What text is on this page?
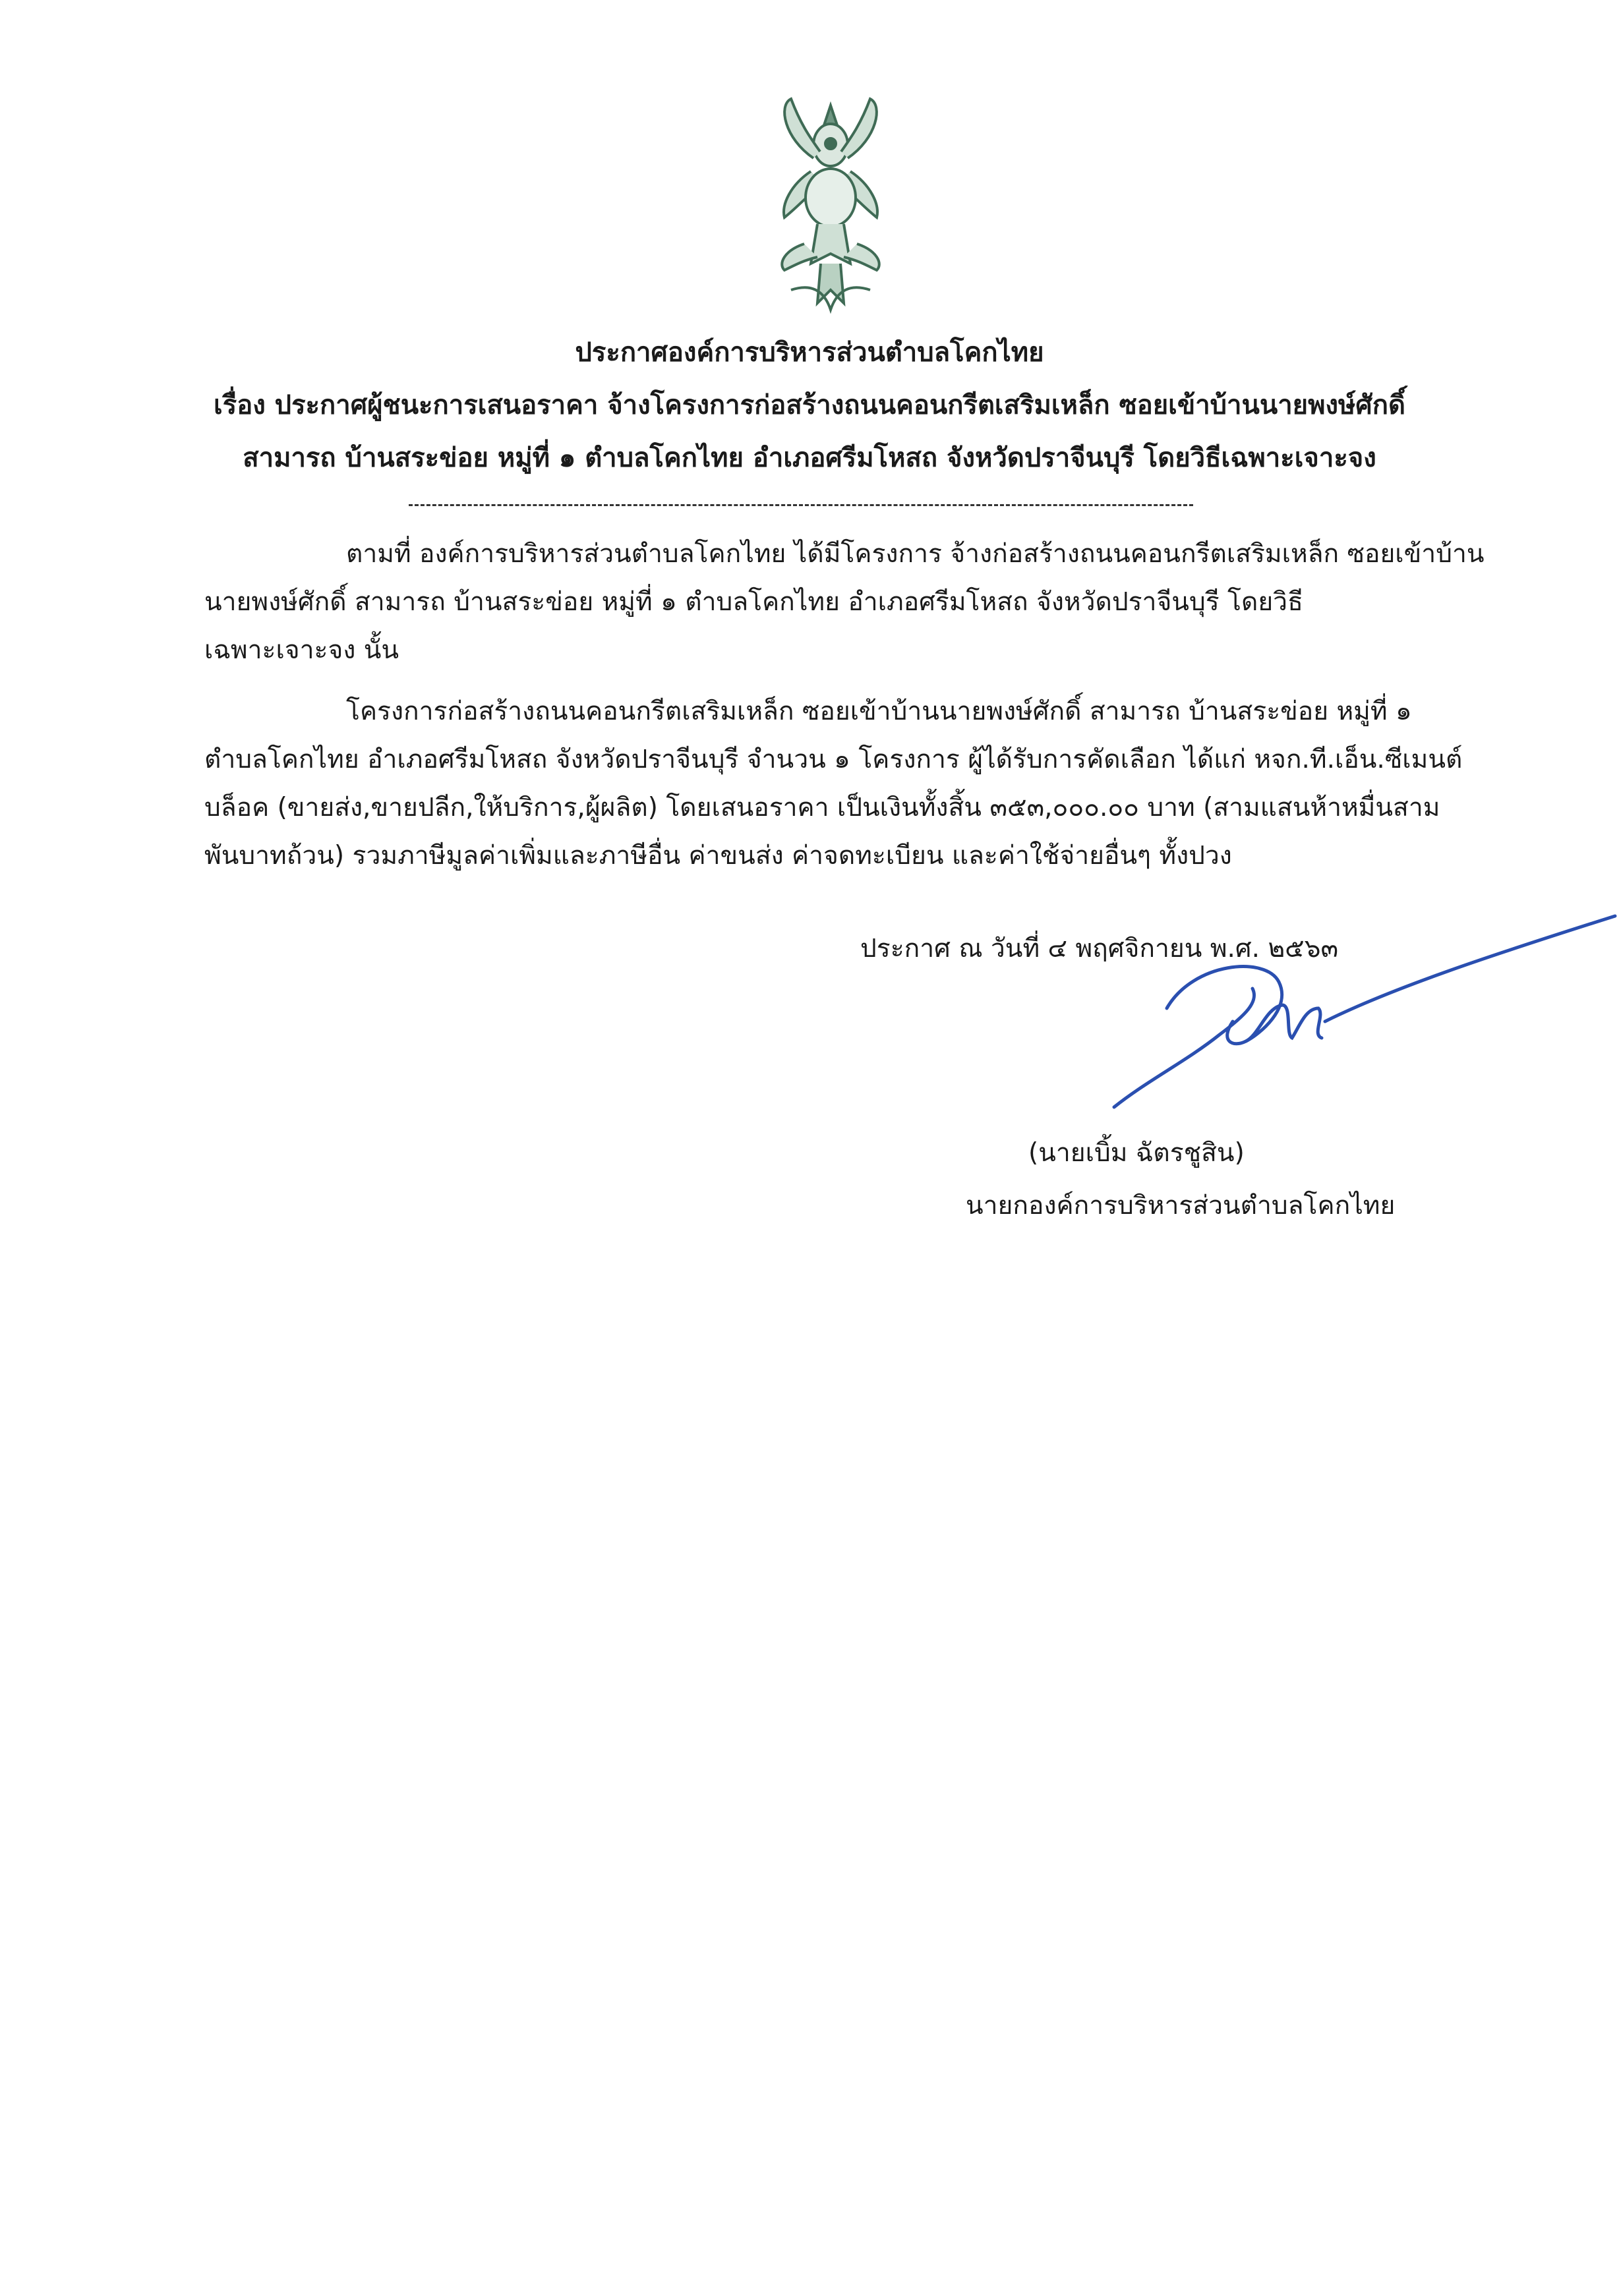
ประกาศองค์การบริหารส่วนตำบลโคกไทย
เรื่อง ประกาศผู้ชนะการเสนอราคา จ้างโครงการก่อสร้างถนนคอนกรีตเสริมเหล็ก ซอยเข้าบ้านนายพงษ์ศักดิ์
สามารถ บ้านสระข่อย หมู่ที่ ๑ ตำบลโคกไทย อำเภอศรีมโหสถ จังหวัดปราจีนบุรี โดยวิธีเฉพาะเจาะจง
ตามที่ องค์การบริหารส่วนตำบลโคกไทย ได้มีโครงการ จ้างก่อสร้างถนนคอนกรีตเสริมเหล็ก ซอยเข้าบ้าน
นายพงษ์ศักดิ์ สามารถ บ้านสระข่อย หมู่ที่ ๑ ตำบลโคกไทย อำเภอศรีมโหสถ จังหวัดปราจีนบุรี โดยวิธี
เฉพาะเจาะจง นั้น
โครงการก่อสร้างถนนคอนกรีตเสริมเหล็ก ซอยเข้าบ้านนายพงษ์ศักดิ์ สามารถ บ้านสระข่อย หมู่ที่ ๑
ตำบลโคกไทย อำเภอศรีมโหสถ จังหวัดปราจีนบุรี จำนวน ๑ โครงการ ผู้ได้รับการคัดเลือก ได้แก่ หจก.ที.เอ็น.ซีเมนต์
บล็อค (ขายส่ง,ขายปลีก,ให้บริการ,ผู้ผลิต) โดยเสนอราคา เป็นเงินทั้งสิ้น ๓๕๓,๐๐๐.๐๐ บาท (สามแสนห้าหมื่นสาม
พันบาทถ้วน) รวมภาษีมูลค่าเพิ่มและภาษีอื่น ค่าขนส่ง ค่าจดทะเบียน และค่าใช้จ่ายอื่นๆ ทั้งปวง
ประกาศ ณ วันที่ ๔ พฤศจิกายน พ.ศ. ๒๕๖๓
(นายเบิ้ม ฉัตรชูสิน)
นายกองค์การบริหารส่วนตำบลโคกไทย
